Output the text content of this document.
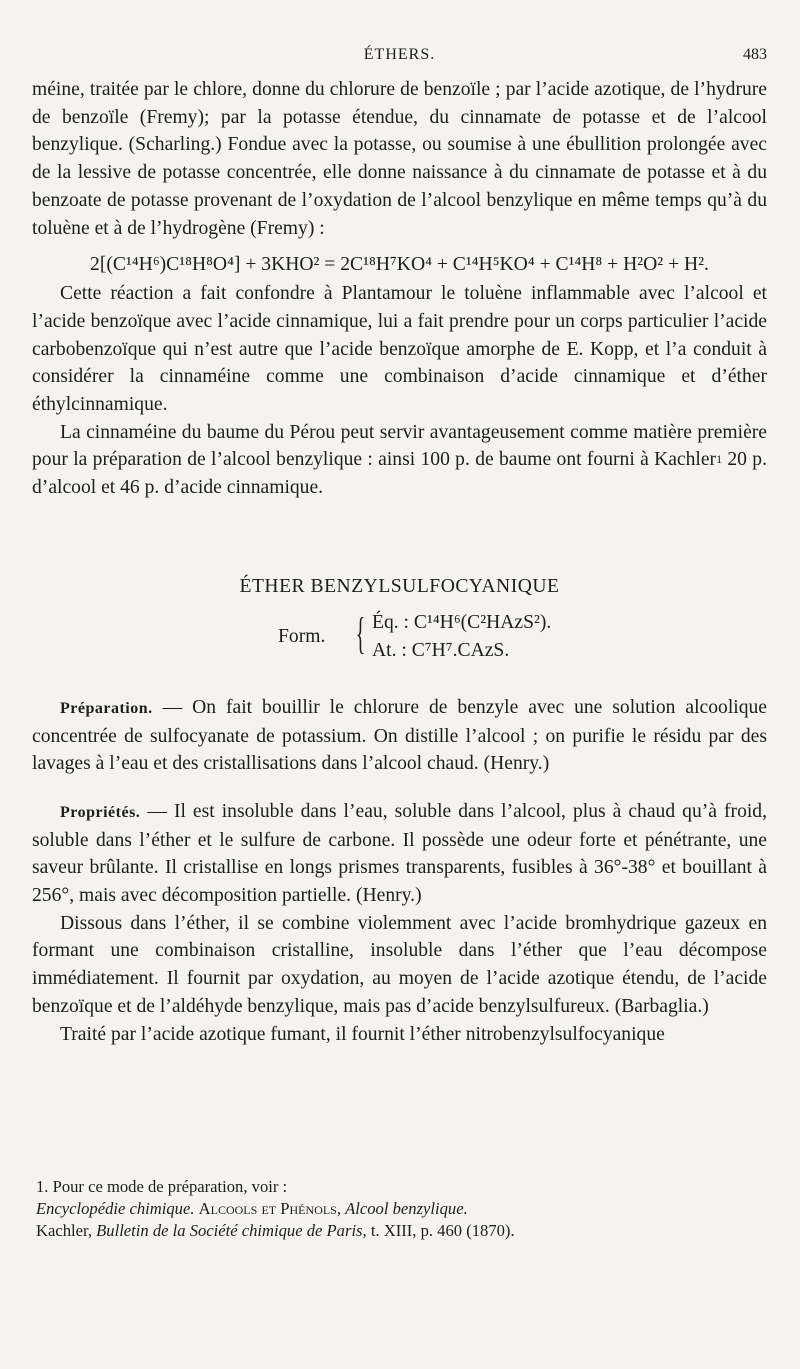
ÉTHERS.	483

méine, traitée par le chlore, donne du chlorure de benzoïle ; par l’acide azotique, de l’hydrure de benzoïle (Fremy); par la potasse étendue, du cinnamate de potasse et de l’alcool benzylique. (Scharling.) Fondue avec la potasse, ou soumise à une ébullition prolongée avec de la lessive de potasse concentrée, elle donne naissance à du cinnamate de potasse et à du benzoate de potasse provenant de l’oxydation de l’alcool benzylique en même temps qu’à du toluène et à de l’hydrogène (Fremy) :

2[(C¹⁴H⁶)C¹⁸H⁸O⁴] + 3KHO² = 2C¹⁸H⁷KO⁴ + C¹⁴H⁵KO⁴ + C¹⁴H⁸ + H²O² + H².

Cette réaction a fait confondre à Plantamour le toluène inflammable avec l’alcool et l’acide benzoïque avec l’acide cinnamique, lui a fait prendre pour un corps particulier l’acide carbobenzoïque qui n’est autre que l’acide benzoïque amorphe de E. Kopp, et l’a conduit à considérer la cinnaméine comme une combinaison d’acide cinnamique et d’éther éthylcinnamique.

La cinnaméine du baume du Pérou peut servir avantageusement comme matière première pour la préparation de l’alcool benzylique : ainsi 100 p. de baume ont fourni à Kachler$^1$ 20 p. d’alcool et 46 p. d’acide cinnamique.

ÉTHER BENZYLSULFOCYANIQUE
Form. { Éq. : C¹⁴H⁶(C²HAzS²).
At. : C⁷H⁷.CAzS.

Préparation. — On fait bouillir le chlorure de benzyle avec une solution alcoolique concentrée de sulfocyanate de potassium. On distille l’alcool ; on purifie le résidu par des lavages à l’eau et des cristallisations dans l’alcool chaud. (Henry.)

Propriétés. — Il est insoluble dans l’eau, soluble dans l’alcool, plus à chaud qu’à froid, soluble dans l’éther et le sulfure de carbone. Il possède une odeur forte et pénétrante, une saveur brûlante. Il cristallise en longs prismes transparents, fusibles à 36°-38° et bouillant à 256°, mais avec décomposition partielle. (Henry.)

Dissous dans l’éther, il se combine violemment avec l’acide bromhydrique gazeux en formant une combinaison cristalline, insoluble dans l’éther que l’eau décompose immédiatement. Il fournit par oxydation, au moyen de l’acide azotique étendu, de l’acide benzoïque et de l’aldéhyde benzylique, mais pas d’acide benzylsulfureux. (Barbaglia.)

Traité par l’acide azotique fumant, il fournit l’éther nitrobenzylsulfocyanique

1. Pour ce mode de préparation, voir :
Encyclopédie chimique. Alcools et Phénols, Alcool benzylique.
Kachler, Bulletin de la Société chimique de Paris, t. XIII, p. 460 (1870).
